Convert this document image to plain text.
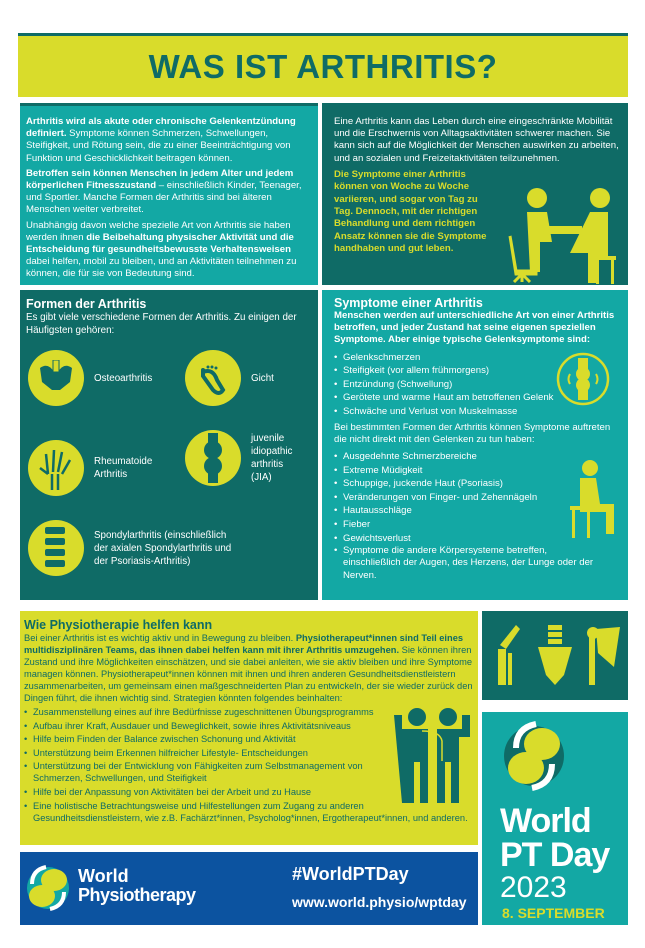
WAS IST ARTHRITIS?

Arthritis wird als akute oder chronische Gelenkentzündung definiert. Symptome können Schmerzen, Schwellungen, Steifigkeit, und Rötung sein, die zu einer Beeinträchtigung von Funktion und Geschicklichkeit beitragen können.

Betroffen sein können Menschen in jedem Alter und jedem körperlichen Fitnesszustand – einschließlich Kinder, Teenager, und Sportler. Manche Formen der Arthritis sind bei älteren Menschen weiter verbreitet.

Unabhängig davon welche spezielle Art von Arthritis sie haben werden ihnen die Beibehaltung physischer Aktivität und die Entscheidung für gesundheitsbewusste Verhaltensweisen dabei helfen, mobil zu bleiben, und an Aktivitäten teilnehmen zu können, die für sie von Bedeutung sind.

Eine Arthritis kann das Leben durch eine eingeschränkte Mobilität und die Erschwernis von Alltagsaktivitäten schwerer machen. Sie kann sich auf die Möglichkeit der Menschen auswirken zu arbeiten, und an sozialen und Freizeitaktivitäten teilzunehmen.

Die Symptome einer Arthritis können von Woche zu Woche variieren, und sogar von Tag zu Tag. Dennoch, mit der richtigen Behandlung und dem richtigen Ansatz können sie die Symptome handhaben und gut leben.

Formen der Arthritis

Es gibt viele verschiedene Formen der Arthritis. Zu einigen der Häufigsten gehören:

Osteoarthritis	Gicht
Rheumatoide Arthritis
juvenile idiopathic arthritis (JIA)
Spondylarthritis (einschließlich der axialen Spondylarthritis und der Psoriasis-Arthritis)
Symptome einer Arthritis

Menschen werden auf unterschiedliche Art von einer Arthritis betroffen, und jeder Zustand hat seine eigenen speziellen Symptome. Aber einige typische Gelenksymptome sind:

• Gelenkschmerzen
• Steifigkeit (vor allem frühmorgens)
• Entzündung (Schwellung)
• Gerötete und warme Haut am betroffenen Gelenk
• Schwäche und Verlust von Muskelmasse

Bei bestimmten Formen der Arthritis können Symptome auftreten die nicht direkt mit den Gelenken zu tun haben:

• Ausgedehnte Schmerzbereiche
• Extreme Müdigkeit
• Schuppige, juckende Haut (Psoriasis)
• Veränderungen von Finger- und Zehennägeln
• Hautausschläge
• Fieber
• Gewichtsverlust
• Symptome die andere Körpersysteme betreffen, einschließlich der Augen, des Herzens, der Lunge oder der Nerven.
Wie Physiotherapie helfen kann

Bei einer Arthritis ist es wichtig aktiv und in Bewegung zu bleiben. Physiotherapeut*innen sind Teil eines multidisziplinären Teams, das ihnen dabei helfen kann mit ihrer Arthritis umzugehen. Sie können ihren Zustand und ihre Möglichkeiten einschätzen, und sie dabei anleiten, wie sie aktiv bleiben und ihre Symptome managen können. Physiotherapeut*innen können mit ihnen und ihren anderen Gesundheitsdienstleistern zusammenarbeiten, um gemeinsam einen maßgeschneiderten Plan zu entwickeln, der sie wieder zurück den Dingen führt, die ihnen wichtig sind. Strategien könnten folgendes beinhalten:

• Zusammenstellung eines auf ihre Bedürfnisse zugeschnittenen Übungsprogramms
• Aufbau ihrer Kraft, Ausdauer und Beweglichkeit, sowie ihres Aktivitätsniveaus
• Hilfe beim Finden der Balance zwischen Schonung und Aktivität
• Unterstützung beim Erkennen hilfreicher Lifestyle- Entscheidungen
• Unterstützung bei der Entwicklung von Fähigkeiten zum Selbstmanagement von Schmerzen, Schwellungen, und Steifigkeit
• Hilfe bei der Anpassung von Aktivitäten bei der Arbeit und zu Hause
• Eine holistische Betrachtungsweise und Hilfestellungen zum Zugang zu anderen Gesundheitsdienstleistern, wie z.B. Fachärzt*innen, Psycholog*innen, Ergotherapeut*innen, und anderen. World
PT Day
2023
8. SEPTEMBER
World
Physiotherapy
#WorldPTDay
www.world.physio/wptday
